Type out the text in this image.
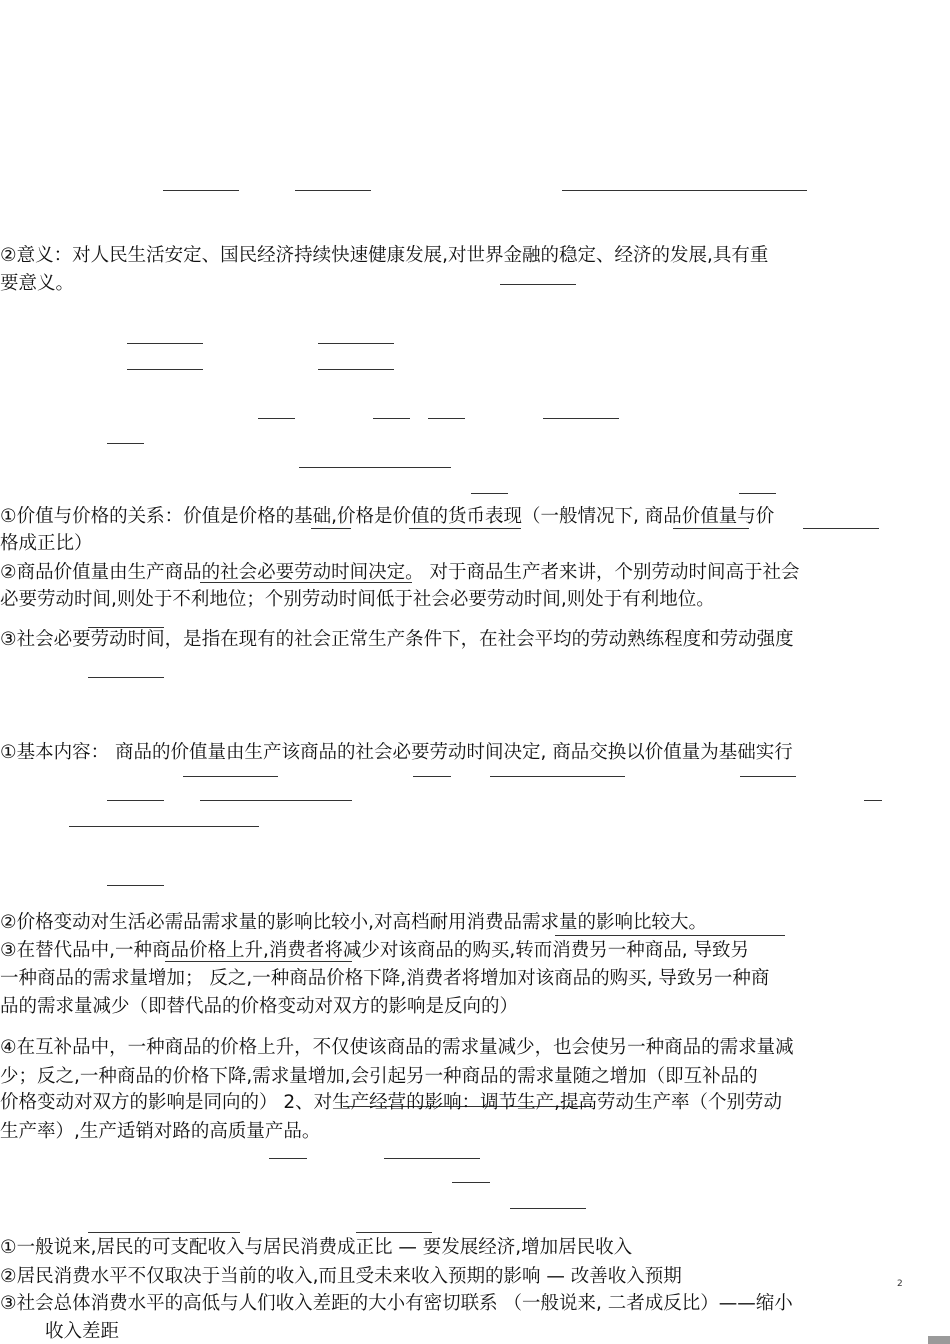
②意义：对人民生活安定、国民经济持续快速健康发展,对世界金融的稳定、经济的发展,具有重
要意义。
①价值与价格的关系：价值是价格的基础,价格是价值的货币表现（一般情况下, 商品价值量与价
格成正比）
②商品价值量由生产商品的社会必要劳动时间决定。 对于商品生产者来讲，个别劳动时间高于社会
必要劳动时间,则处于不利地位；个别劳动时间低于社会必要劳动时间,则处于有利地位。
③社会必要劳动时间，是指在现有的社会正常生产条件下，在社会平均的劳动熟练程度和劳动强度
①基本内容： 商品的价值量由生产该商品的社会必要劳动时间决定, 商品交换以价值量为基础实行
②价格变动对生活必需品需求量的影响比较小,对高档耐用消费品需求量的影响比较大。
③在替代品中,一种商品价格上升,消费者将减少对该商品的购买,转而消费另一种商品, 导致另
一种商品的需求量增加； 反之,一种商品价格下降,消费者将增加对该商品的购买, 导致另一种商
品的需求量减少（即替代品的价格变动对双方的影响是反向的）
④在互补品中，一种商品的价格上升，不仅使该商品的需求量减少，也会使另一种商品的需求量减
少；反之,一种商品的价格下降,需求量增加,会引起另一种商品的需求量随之增加（即互补品的
价格变动对双方的影响是同向的） 2、对生产经营的影响：调节生产,提高劳动生产率（个别劳动
生产率）,生产适销对路的高质量产品。
①一般说来,居民的可支配收入与居民消费成正比 — 要发展经济,增加居民收入
②居民消费水平不仅取决于当前的收入,而且受未来收入预期的影响 — 改善收入预期
③社会总体消费水平的高低与人们收入差距的大小有密切联系 （一般说来, 二者成反比）——缩小
收入差距
2
